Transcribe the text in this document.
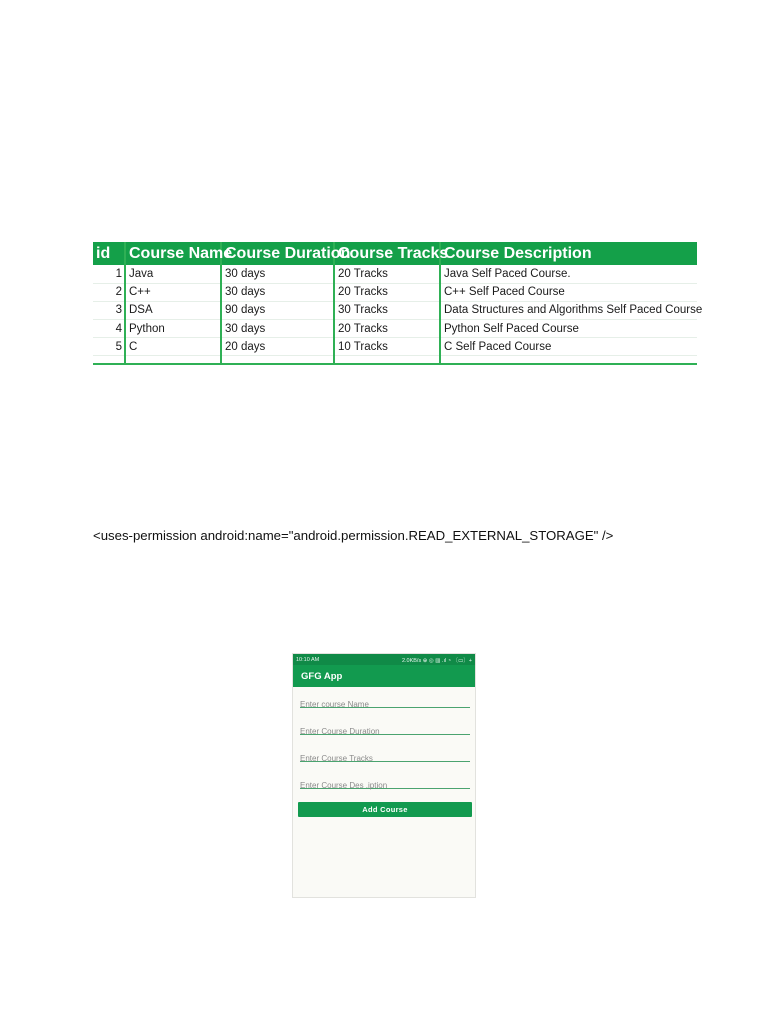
id	Course Name	Course Duration	Course Tracks	Course Description
1	Java	30 days	20 Tracks	Java Self Paced Course.
2	C++	30 days	20 Tracks	C++ Self Paced Course
3	DSA	90 days	30 Tracks	Data Structures and Algorithms Self Paced Course
4	Python	30 days	20 Tracks	Python Self Paced Course
5	C	20 days	10 Tracks	C Self Paced Course

<uses-permission android:name="android.permission.READ_EXTERNAL_STORAGE" />
10:10 AM	2.0KB/s ⊕ ◎ ▥ .ıl ◔ 〔▭〕+
GFG App
Enter course Name
Enter Course Duration
Enter Course Tracks
Enter Course Des .iption
Add Course
